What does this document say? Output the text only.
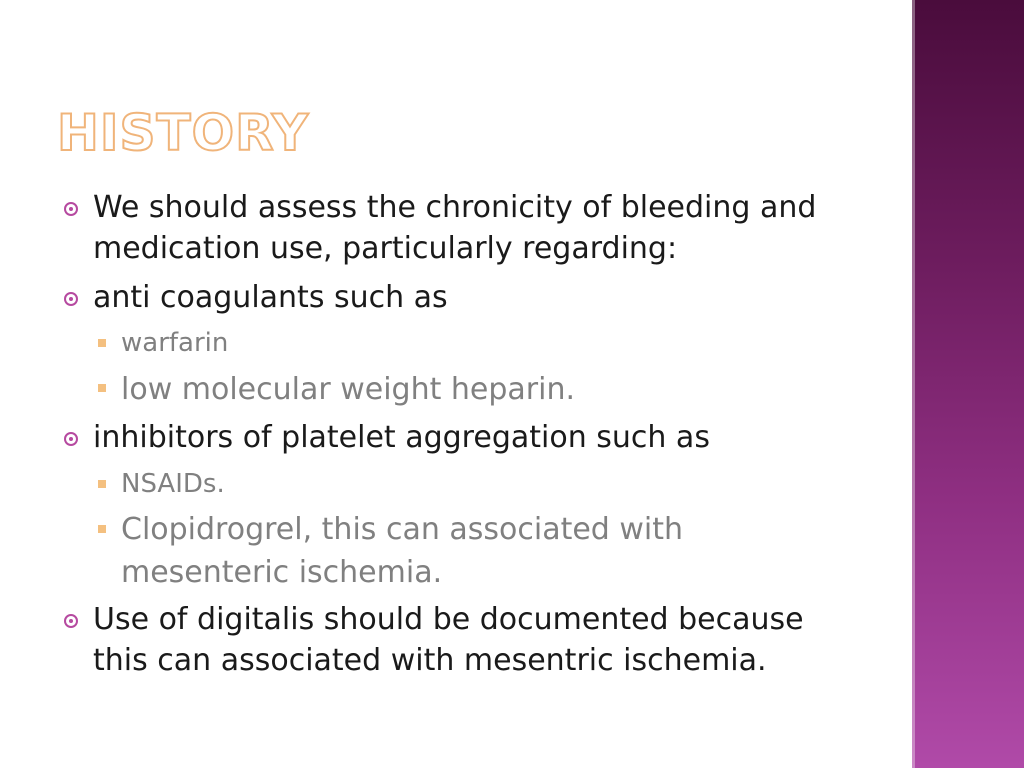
HISTORY
We should assess the chronicity of bleeding and medication use, particularly regarding:
anti coagulants such as
warfarin
low molecular weight heparin.
inhibitors of platelet aggregation such as
NSAIDs.
Clopidrogrel, this can associated with mesenteric ischemia.
Use of digitalis should be documented because this can associated with mesentric ischemia.
